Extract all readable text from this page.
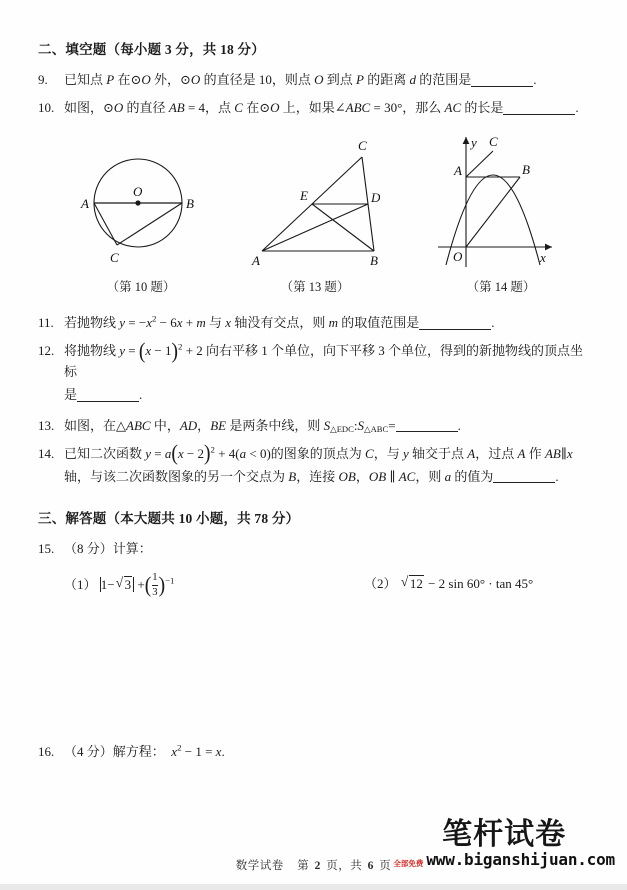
二、填空题（每小题 3 分，共 18 分）
9.	已知点 P 在⊙O 外，⊙O 的直径是 10，则点 O 到点 P 的距离 d 的范围是	.
10. 如图，⊙O 的直径 AB = 4，点 C 在⊙O 上，如果∠ABC = 30°，那么 AC 的长是	.
A	B
C
O
（第 10 题）
A	B
C
D
E
（第 13 题）
A	B
C
O	x
y
（第 14 题）
11. 若抛物线 $y = -x^2 - 6x + m$ 与 x 轴没有交点，则 m 的取值范围是	.
12. 将抛物线 $y = (x - 1)^2 + 2$ 向右平移 1 个单位，向下平移 3 个单位，得到的新抛物线的顶点坐标
是	.
13. 如图，在△ABC 中，AD，BE 是两条中线，则 $S_{\triangle EDC}:S_{\triangle ABC}=$	.
14. 已知二次函数 $y = a(x - 2)^2 + 4(a < 0)$的图象的顶点为 C，与 y 轴交于点 A，过点 A 作 AB∥x
轴，与该二次函数图象的另一个交点为 B，连接 OB，OB ∥ AC，则 a 的值为	.
三、解答题（本大题共 10 小题，共 78 分）
15. （8 分）计算：
（1） 1− √ 3 +( $\frac{1}{3} )^{-1}$	（2） √ 12 − 2 sin 60° · tan 45°
16. （4 分）解方程： $x^2 - 1 = x$.
笔杆试卷
全部免费 www.biganshijuan.com
数学试卷 第 2 页，共 6 页
